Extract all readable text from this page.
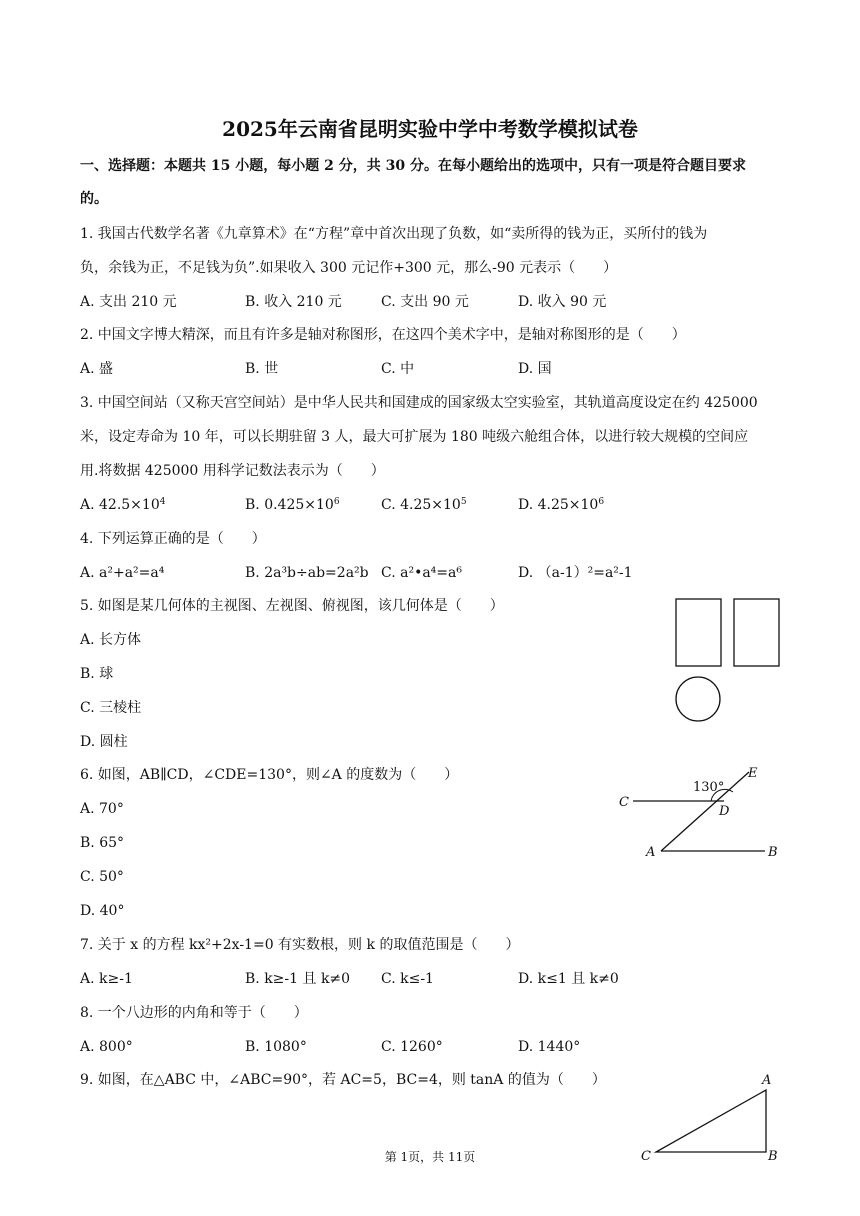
2025年云南省昆明实验中学中考数学模拟试卷
一、选择题：本题共 15 小题，每小题 2 分，共 30 分。在每小题给出的选项中，只有一项是符合题目要求
的。
1. 我国古代数学名著《九章算术》在“方程”章中首次出现了负数，如“卖所得的钱为正，买所付的钱为
负，余钱为正，不足钱为负”.如果收入 300 元记作+300 元，那么-90 元表示（　　）
A. 支出 210 元	B. 收入 210 元	C. 支出 90 元	D. 收入 90 元
2. 中国文字博大精深，而且有许多是轴对称图形，在这四个美术字中，是轴对称图形的是（　　）
A. 盛	B. 世	C. 中	D. 国
3. 中国空间站（又称天宫空间站）是中华人民共和国建成的国家级太空实验室，其轨道高度设定在约 425000
米，设定寿命为 10 年，可以长期驻留 3 人，最大可扩展为 180 吨级六舱组合体，以进行较大规模的空间应
用.将数据 425000 用科学记数法表示为（　　）
A. $42.5\times 10^4$	B. $0.425\times 10^6$	C. $4.25\times 10^5$	D. $4.25\times 10^6$
4. 下列运算正确的是（　　）
A. a²+a²=a⁴	B. 2a³b÷ab=2a²b C. a²•a⁴=a⁶	D. （a-1）²=a²-1
5. 如图是某几何体的主视图、左视图、俯视图，该几何体是（　　）
A. 长方体
B. 球
C. 三棱柱
D. 圆柱
6. 如图，AB∥CD，∠CDE=130°，则∠A 的度数为（　　）
A. 70°
B. 65°
C. 50°
D. 40°
130°
C
D
E
A	B
7. 关于 x 的方程 kx²+2x-1=0 有实数根，则 k 的取值范围是（　　）
A. k≥-1	B. k≥-1 且 k≠0 C. k≤-1	D. k≤1 且 k≠0
8. 一个八边形的内角和等于（　　）
A. 800°	B. 1080°	C. 1260°	D. 1440°
9. 如图，在△ABC 中，∠ABC=90°，若 AC=5，BC=4，则 tanA 的值为（　　）	A
B
C
第 1页，共 11页
